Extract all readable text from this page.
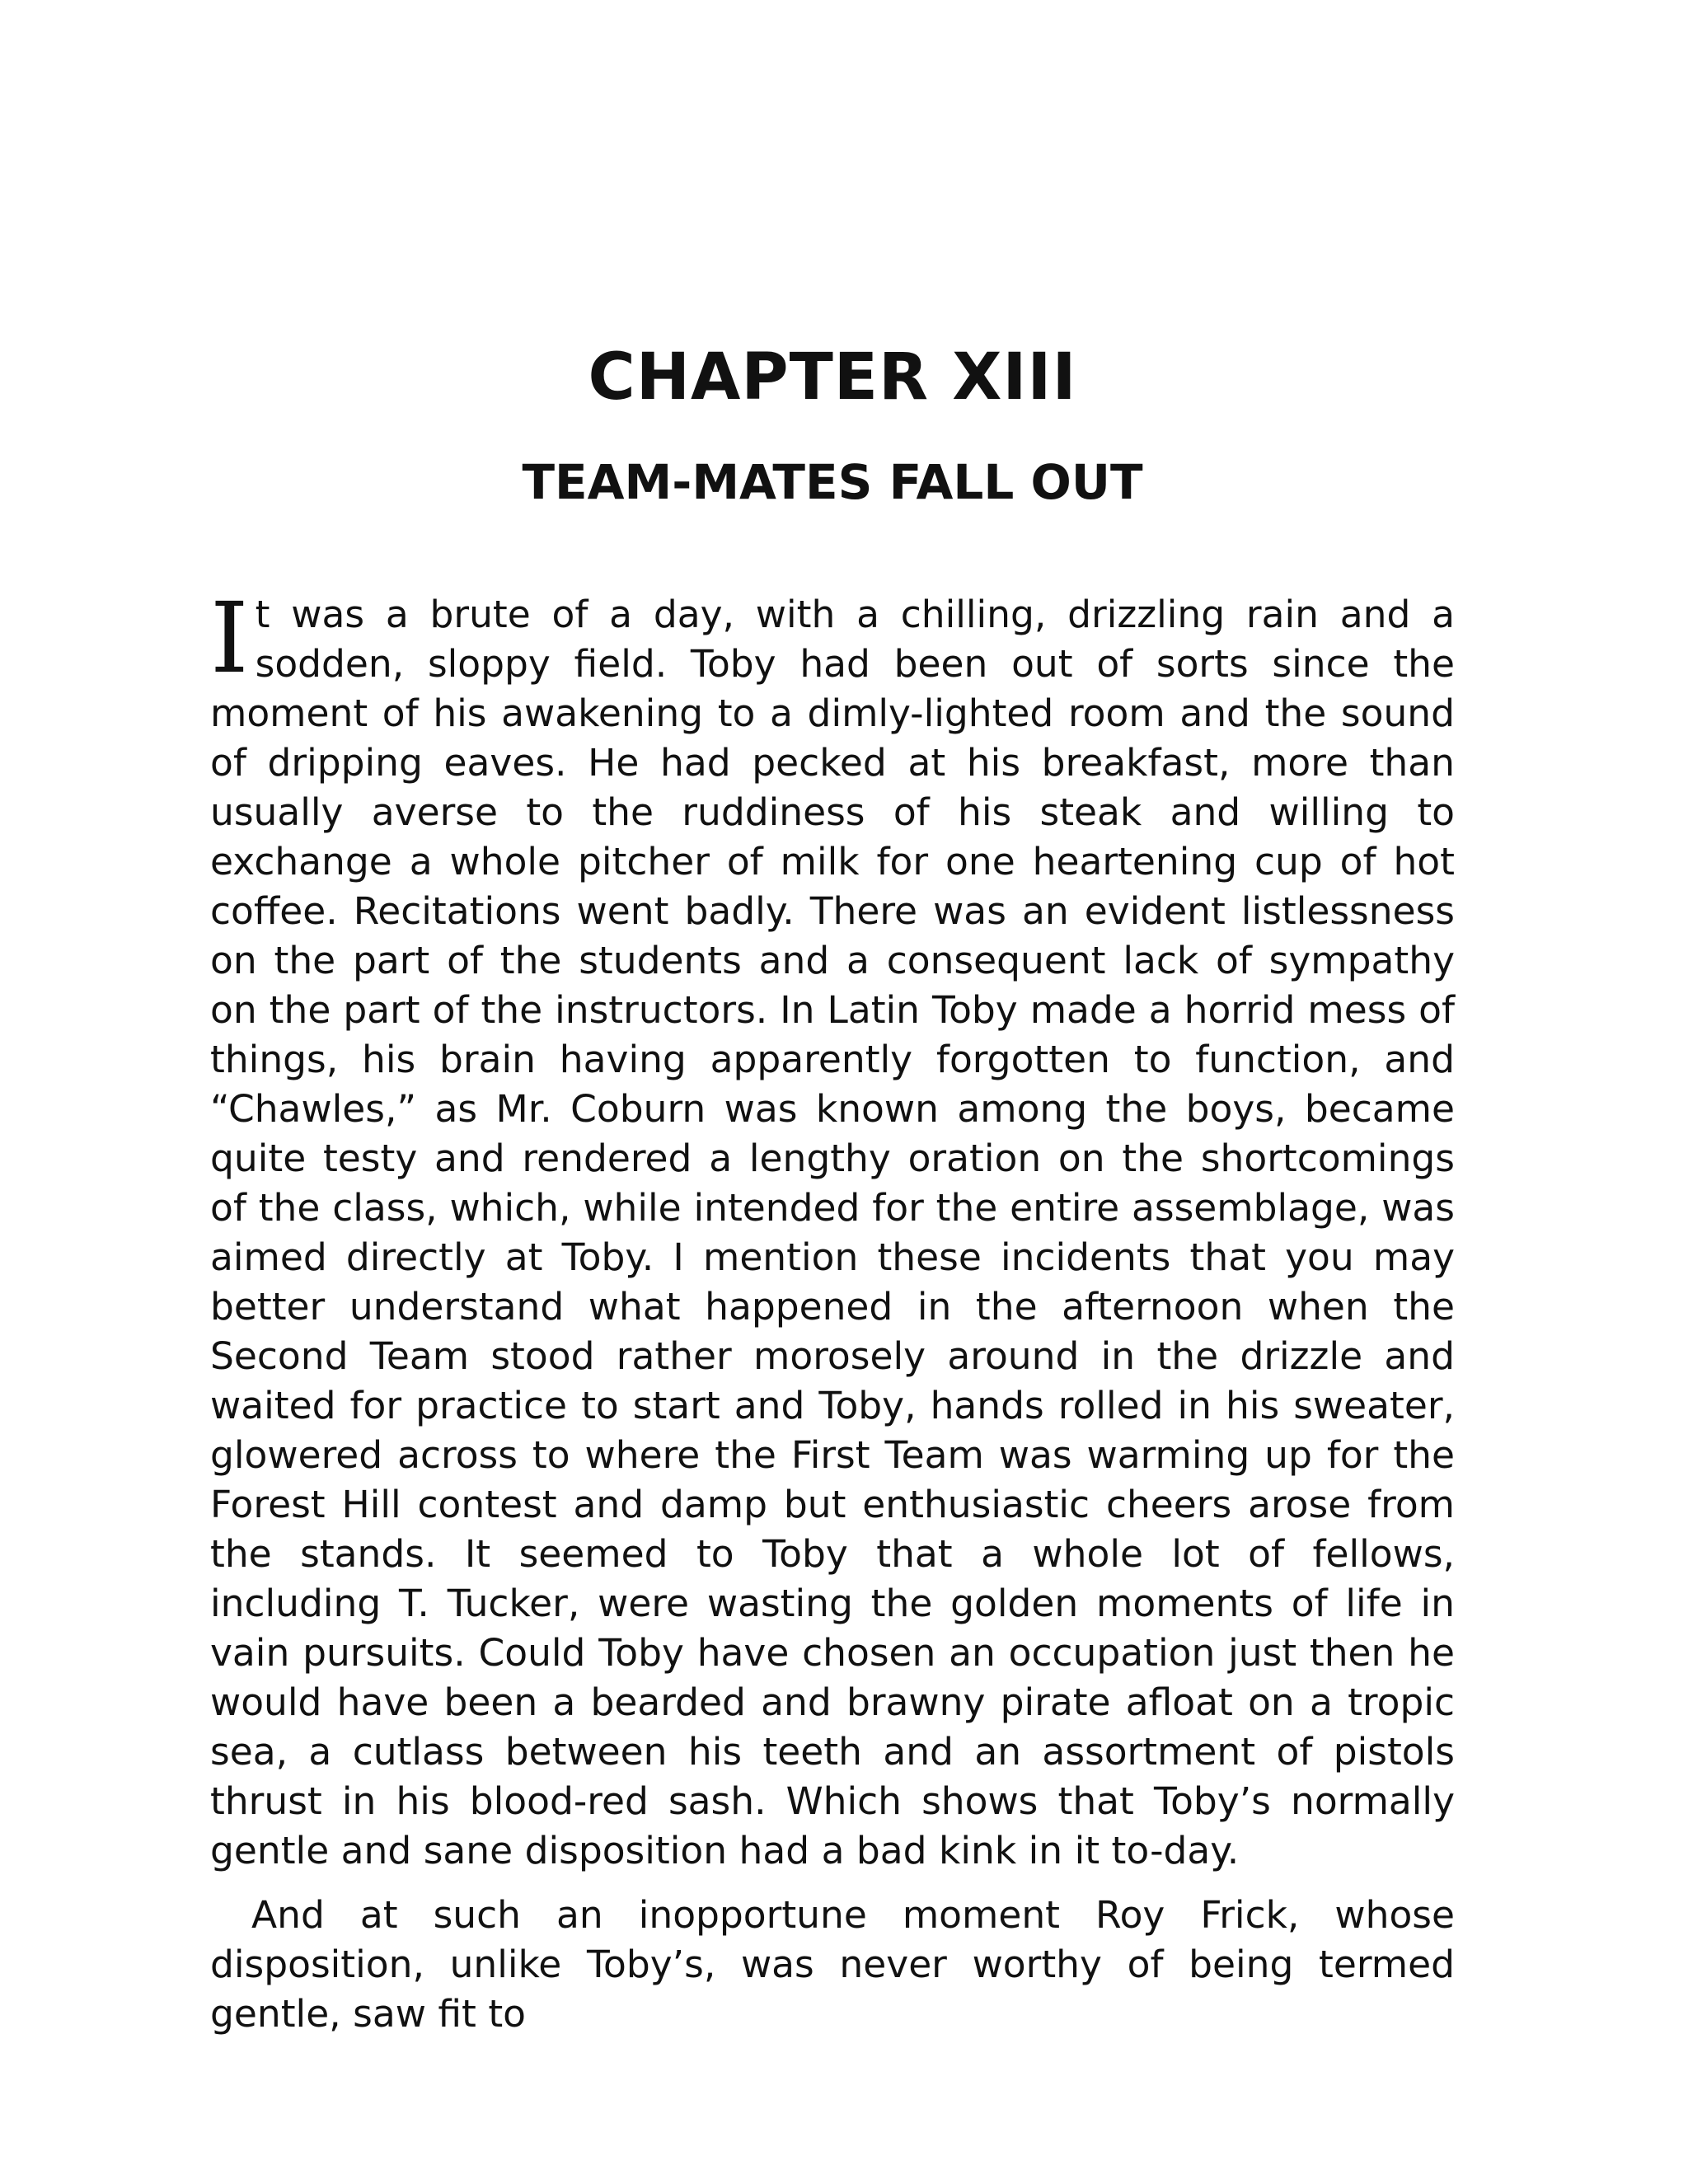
CHAPTER XIII
TEAM-MATES FALL OUT

It was a brute of a day, with a chilling, drizzling rain and a sodden, sloppy field. Toby had been out of sorts since the moment of his awakening to a dimly-lighted room and the sound of dripping eaves. He had pecked at his breakfast, more than usually averse to the ruddiness of his steak and willing to exchange a whole pitcher of milk for one heartening cup of hot coffee. Recitations went badly. There was an evident listlessness on the part of the students and a consequent lack of sympathy on the part of the instructors. In Latin Toby made a horrid mess of things, his brain having apparently forgotten to function, and “Chawles,” as Mr. Coburn was known among the boys, became quite testy and rendered a lengthy oration on the shortcomings of the class, which, while intended for the entire assemblage, was aimed directly at Toby. I mention these incidents that you may better understand what happened in the afternoon when the Second Team stood rather morosely around in the drizzle and waited for practice to start and Toby, hands rolled in his sweater, glowered across to where the First Team was warming up for the Forest Hill contest and damp but enthusiastic cheers arose from the stands. It seemed to Toby that a whole lot of fellows, including T. Tucker, were wasting the golden moments of life in vain pursuits. Could Toby have chosen an occupation just then he would have been a bearded and brawny pirate afloat on a tropic sea, a cutlass between his teeth and an assortment of pistols thrust in his blood-red sash. Which shows that Toby’s normally gentle and sane disposition had a bad kink in it to-day.

And at such an inopportune moment Roy Frick, whose disposition, unlike Toby’s, was never worthy of being termed gentle, saw fit to
